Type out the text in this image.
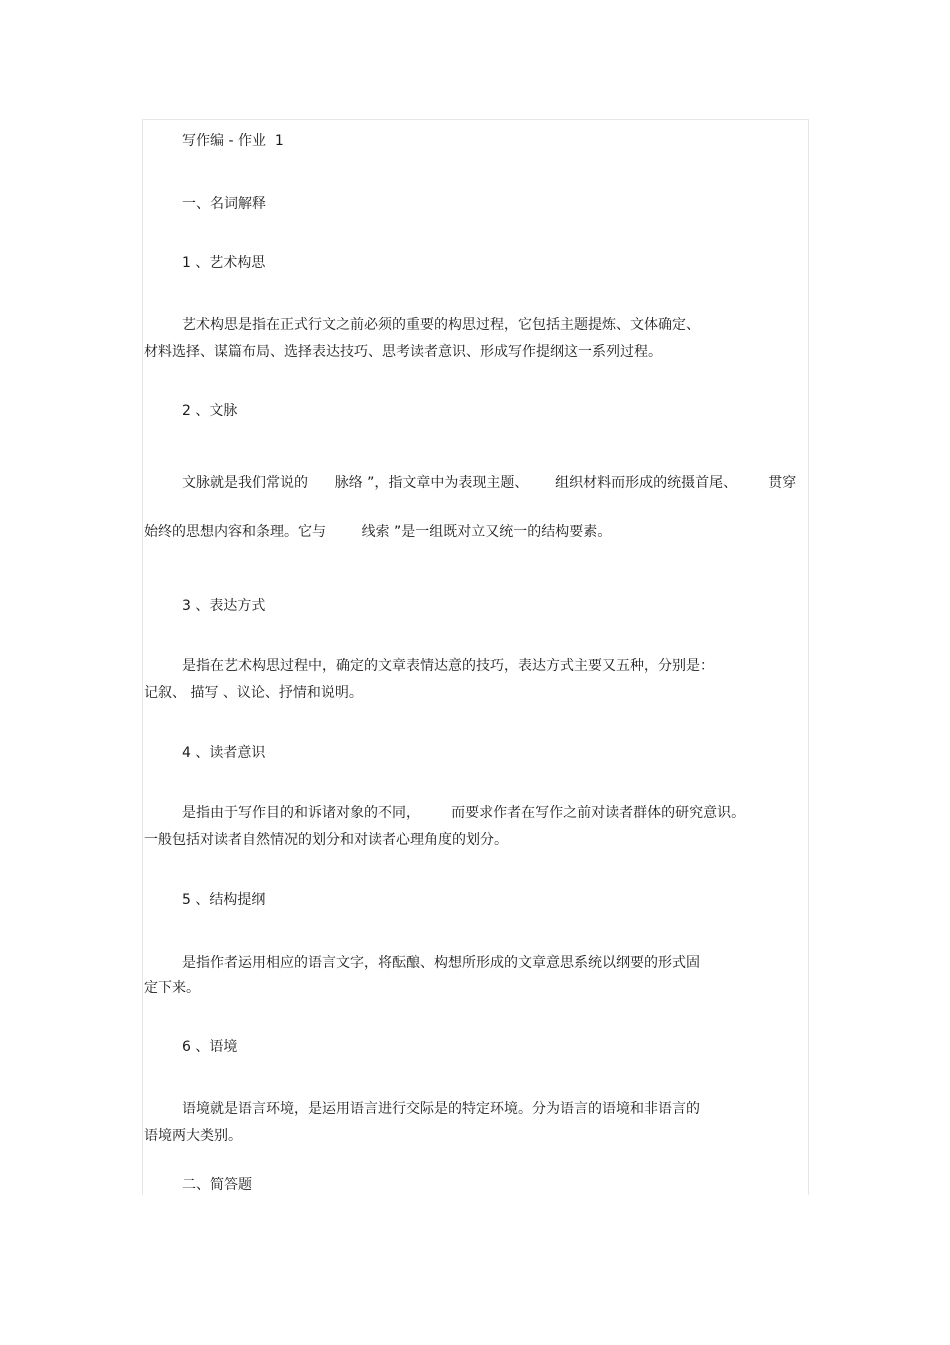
写作编 - 作业  1
一、名词解释
1 、艺术构思
艺术构思是指在正式行文之前必须的重要的构思过程，它包括主题提炼、文体确定、
材料选择、谋篇布局、选择表达技巧、思考读者意识、形成写作提纲这一系列过程。
2 、文脉
文脉就是我们常说的      脉络 ”，指文章中为表现主题、      组织材料而形成的统摄首尾、       贯穿
始终的思想内容和条理。它与        线索 ”是一组既对立又统一的结构要素。
3 、表达方式
是指在艺术构思过程中，确定的文章表情达意的技巧，表达方式主要又五种，分别是：
记叙、 描写 、议论、抒情和说明。
4 、读者意识
是指由于写作目的和诉诸对象的不同，       而要求作者在写作之前对读者群体的研究意识。
一般包括对读者自然情况的划分和对读者心理角度的划分。
5 、结构提纲
是指作者运用相应的语言文字，将酝酿、构想所形成的文章意思系统以纲要的形式固
定下来。
6 、语境
语境就是语言环境，是运用语言进行交际是的特定环境。分为语言的语境和非语言的
语境两大类别。
二、简答题
